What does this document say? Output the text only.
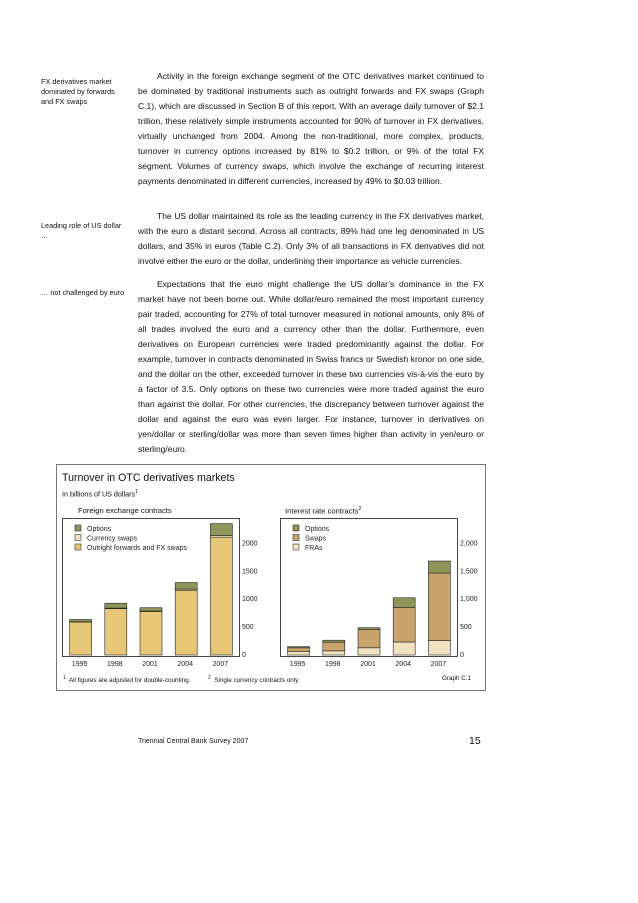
FX derivatives market dominated by forwards and FX swaps
Leading role of US dollar …
… not challenged by euro

Activity in the foreign exchange segment of the OTC derivatives market continued to be dominated by traditional instruments such as outright forwards and FX swaps (Graph C.1), which are discussed in Section B of this report. With an average daily turnover of $2.1 trillion, these relatively simple instruments accounted for 90% of turnover in FX derivatives, virtually unchanged from 2004. Among the non-traditional, more complex, products, turnover in currency options increased by 81% to $0.2 trillion, or 9% of the total FX segment. Volumes of currency swaps, which involve the exchange of recurring interest payments denominated in different currencies, increased by 49% to $0.03 trillion.

The US dollar maintained its role as the leading currency in the FX derivatives market, with the euro a distant second. Across all contracts, 89% had one leg denominated in US dollars, and 35% in euros (Table C.2). Only 3% of all transactions in FX derivatives did not involve either the euro or the dollar, underlining their importance as vehicle currencies.

Expectations that the euro might challenge the US dollar’s dominance in the FX market have not been borne out. While dollar/euro remained the most important currency pair traded, accounting for 27% of total turnover measured in notional amounts, only 8% of all trades involved the euro and a currency other than the dollar. Furthermore, even derivatives on European currencies were traded predominantly against the dollar. For example, turnover in contracts denominated in Swiss francs or Swedish kronor on one side, and the dollar on the other, exceeded turnover in these two currencies vis-à-vis the euro by a factor of 3.5. Only options on these two currencies were more traded against the euro than against the dollar. For other currencies, the discrepancy between turnover against the dollar and against the euro was even larger. For instance, turnover in derivatives on yen/dollar or sterling/dollar was more than seven times higher than activity in yen/euro or sterling/euro.

Turnover in OTC derivatives markets
In billions of US dollars$^1$
Foreign exchange contracts	Interest rate contracts$^2$
Options
Currency swaps
Outright forwards and FX swaps
Options
Swaps
FRAs
0
500
1000
1500
2000
0
500
1,000
1,500
2,000
1995	1998	2001	2004	2007	1995	1998	2001	2004	2007
$^1$ All figures are adjusted for double-counting.	$^2$ Single currency contracts only.	Graph C.1
Triennial Central Bank Survey 2007	15
